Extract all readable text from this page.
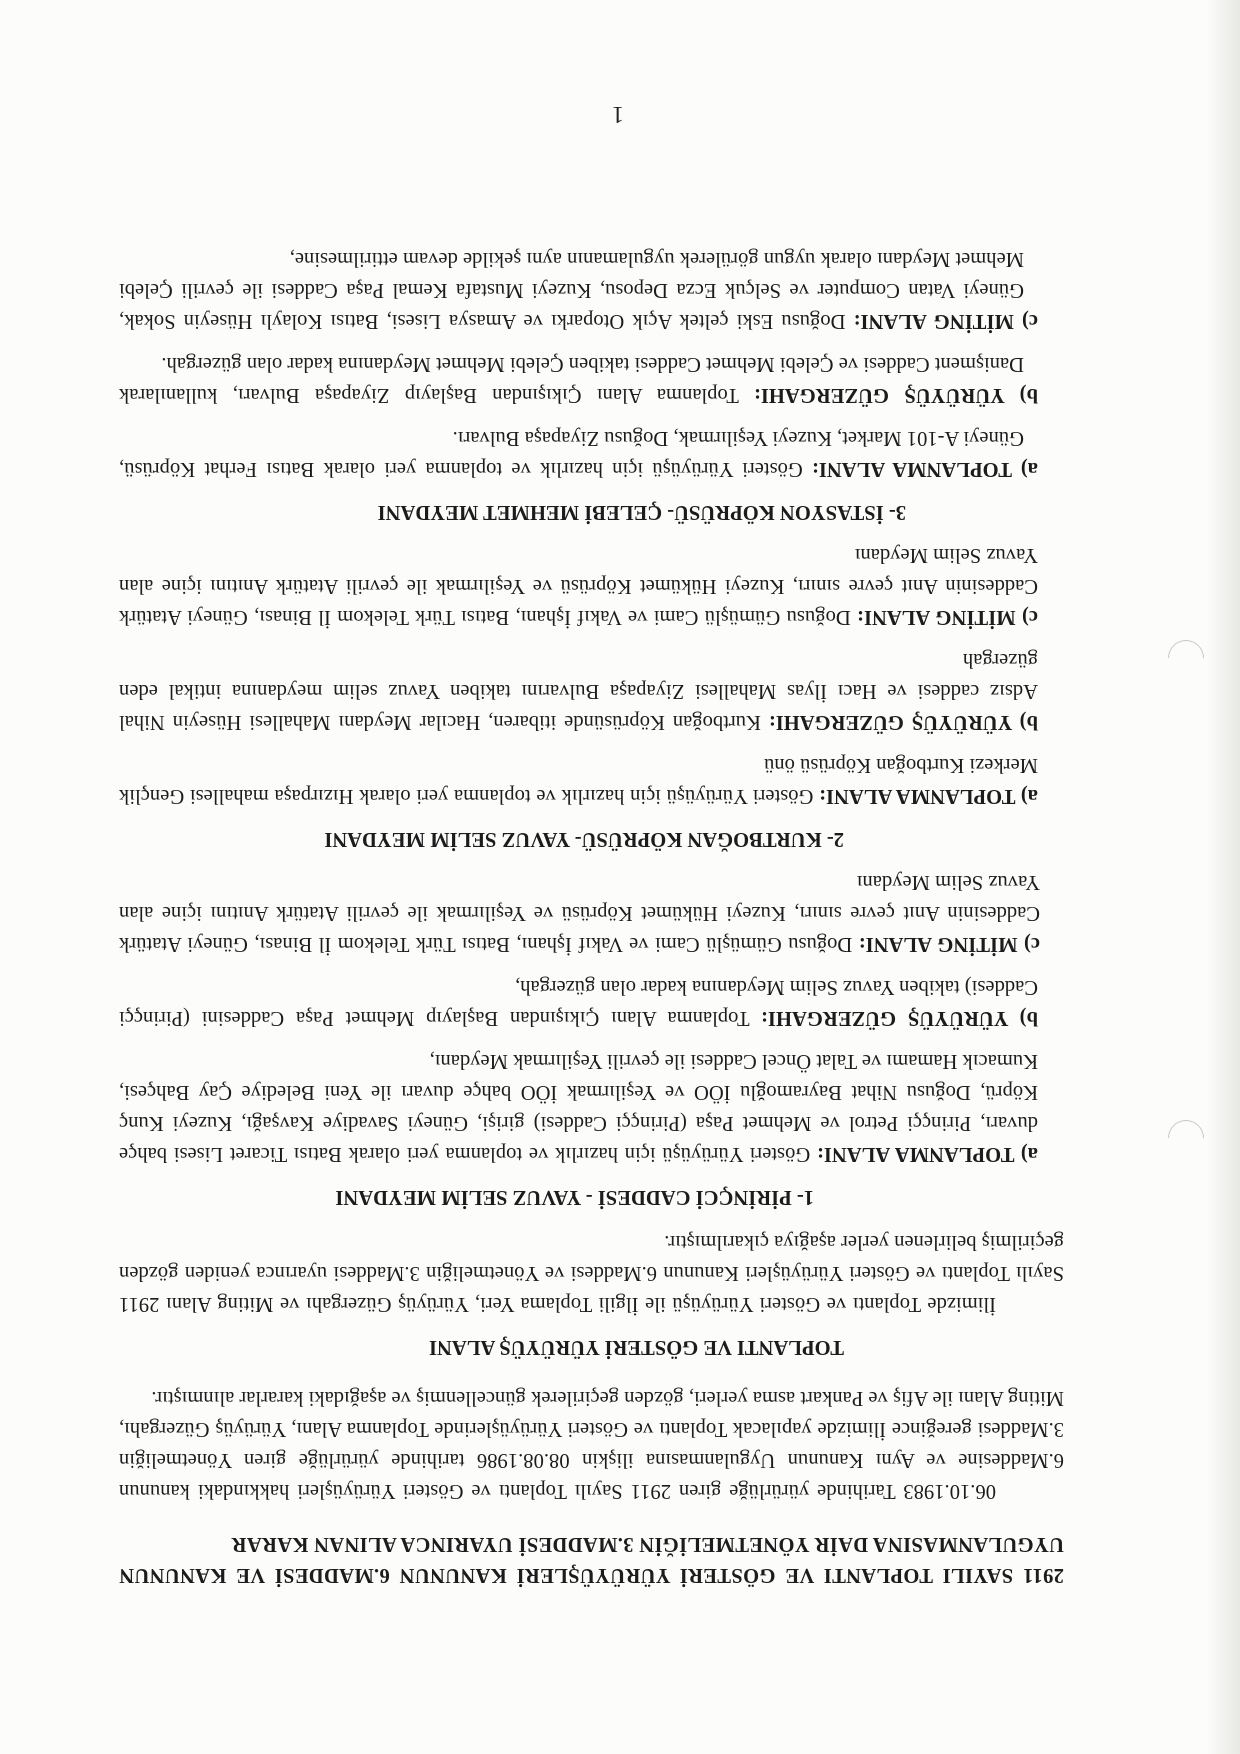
1

2911 SAYILI TOPLANTI VE GÖSTERİ YÜRÜYÜŞLERİ KANUNUN 6.MADDESİ VE KANUNUN UYGULANMASINA DAİR YÖNETMELİĞİN 3.MADDESİ UYARINCA ALINAN KARAR

06.10.1983 Tarihinde yürürlüğe giren 2911 Sayılı Toplantı ve Gösteri Yürüyüşleri hakkındaki kanunun 6.Maddesine ve Aynı Kanunun Uygulanmasına ilişkin 08.08.1986 tarihinde yürürlüğe giren Yönetmeliğin 3.Maddesi gereğince İlimizde yapılacak Toplantı ve Gösteri Yürüyüşlerinde Toplanma Alanı, Yürüyüş Güzergahı, Miting Alanı ile Afiş ve Pankart asma yerleri, gözden geçirilerek güncellenmiş ve aşağıdaki kararlar alınmıştır.

TOPLANTI VE GÖSTERİ YÜRÜYÜŞ ALANI

İlimizde Toplantı ve Gösteri Yürüyüşü ile İlgili Toplama Yeri, Yürüyüş Güzergahı ve Miting Alanı 2911 Sayılı Toplantı ve Gösteri Yürüyüşleri Kanunun 6.Maddesi ve Yönetmeliğin 3.Maddesi uyarınca yeniden gözden geçirilmiş belirlenen yerler aşağıya çıkarılmıştır.

1- PİRİNÇCİ CADDESİ - YAVUZ SELİM MEYDANI

a) TOPLANMA ALANI: Gösteri Yürüyüşü için hazırlık ve toplanma yeri olarak Batısı Ticaret Lisesi bahçe duvarı, Pirinççi Petrol ve Mehmet Paşa (Pirinççi Caddesi) girişi, Güneyi Savadiye Kavşağı, Kuzeyi Kunç Köprü, Doğusu Nihat Bayramoğlu İÖO ve Yeşilırmak İÖO bahçe duvarı ile Yeni Belediye Çay Bahçesi, Kumacık Hamamı ve Talat Öncel Caddesi ile çevrili Yeşilırmak Meydanı,

b) YÜRÜYÜŞ GÜZERGAHI: Toplanma Alanı Çıkışından Başlayıp Mehmet Paşa Caddesini (Pirinççi Caddesi) takiben Yavuz Selim Meydanına kadar olan güzergah,

c) MİTİNG ALANI: Doğusu Gümüşlü Cami ve Vakıf İşhanı, Batısı Türk Telekom İl Binası, Güneyi Atatürk Caddesinin Anıt çevre sınırı, Kuzeyi Hükümet Köprüsü ve Yeşilırmak ile çevrili Atatürk Anıtını içine alan Yavuz Selim Meydanı

2- KURTBOĞAN KÖPRÜSÜ- YAVUZ SELİM MEYDANI

a) TOPLANMA ALANI: Gösteri Yürüyüşü için hazırlık ve toplanma yeri olarak Hızırpaşa mahallesi Gençlik Merkezi Kurtboğan Köprüsü önü

b) YÜRÜYÜŞ GÜZERGAHI: Kurtboğan Köprüsünde itibaren, Hacılar Meydanı Mahallesi Hüseyin Nihal Adsız caddesi ve Hacı İlyas Mahallesi Ziyapaşa Bulvarını takiben Yavuz selim meydanına intikal eden güzergah

c) MİTİNG ALANI: Doğusu Gümüşlü Cami ve Vakıf İşhanı, Batısı Türk Telekom İl Binası, Güneyi Atatürk Caddesinin Anıt çevre sınırı, Kuzeyi Hükümet Köprüsü ve Yeşilırmak ile çevrili Atatürk Anıtını içine alan Yavuz Selim Meydanı

3- İSTASYON KÖPRÜSÜ- ÇELEBİ MEHMET MEYDANI

a) TOPLANMA ALANI: Gösteri Yürüyüşü için hazırlık ve toplanma yeri olarak Batısı Ferhat Köprüsü, Güneyi A-101 Market, Kuzeyi Yeşilırmak, Doğusu Ziyapaşa Bulvarı.

b) YÜRÜYÜŞ GÜZERGAHI: Toplanma Alanı Çıkışından Başlayıp Ziyapaşa Bulvarı, kullanılarak Danişment Caddesi ve Çelebi Mehmet Caddesi takiben Çelebi Mehmet Meydanına kadar olan güzergah.

c) MİTİNG ALANI: Doğusu Eski çeltek Açık Otoparkı ve Amasya Lisesi, Batısı Kolaylı Hüseyin Sokak, Güneyi Vatan Computer ve Selçuk Ecza Deposu, Kuzeyi Mustafa Kemal Paşa Caddesi ile çevrili Çelebi Mehmet Meydanı olarak uygun görülerek uygulamanın aynı şekilde devam ettirilmesine,
